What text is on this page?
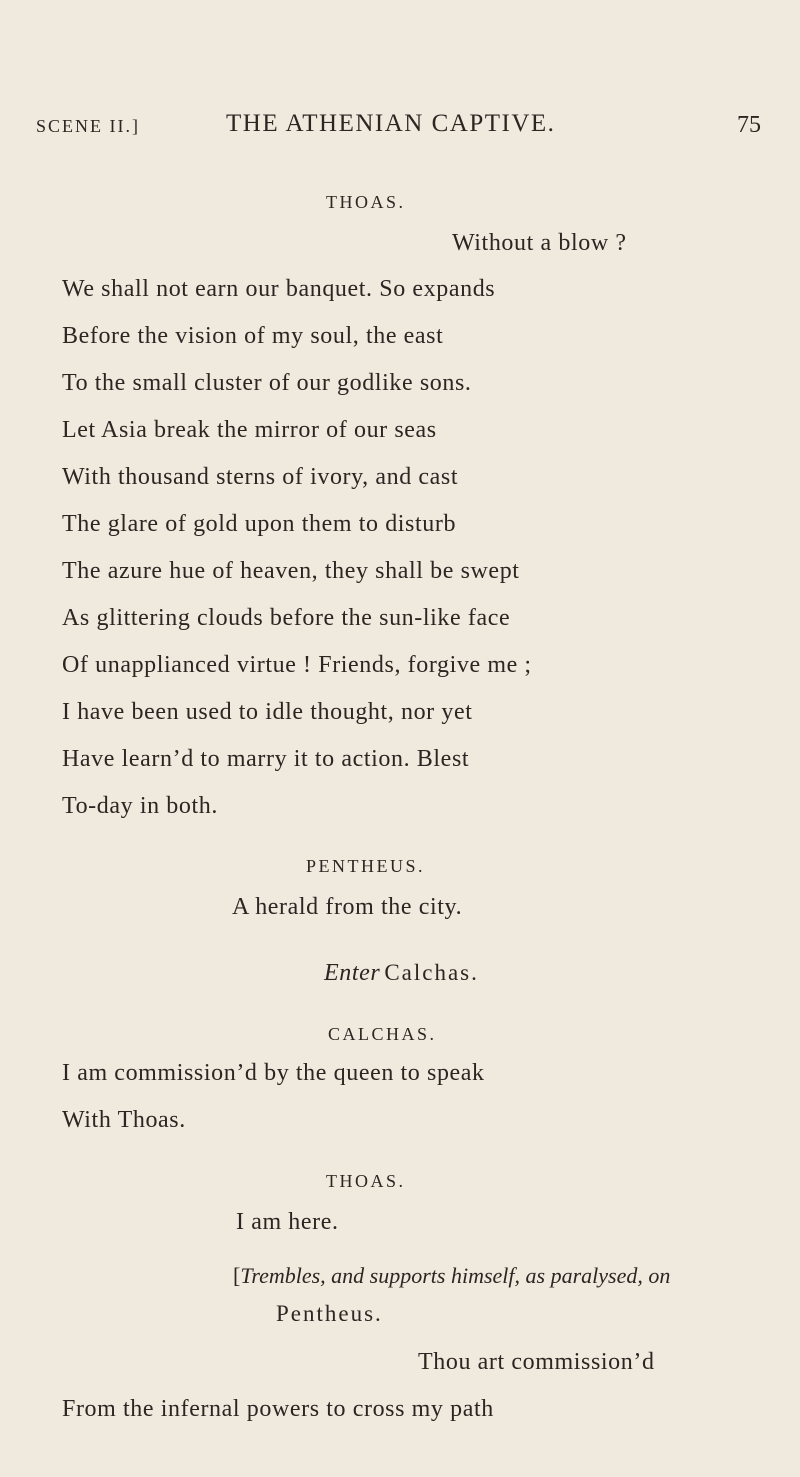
SCENE II.]	THE ATHENIAN CAPTIVE.	75
THOAS.
Without a blow ?
We shall not earn our banquet. So expands
Before the vision of my soul, the east
To the small cluster of our godlike sons.
Let Asia break the mirror of our seas
With thousand sterns of ivory, and cast
The glare of gold upon them to disturb
The azure hue of heaven, they shall be swept
As glittering clouds before the sun-like face
Of unapplianced virtue ! Friends, forgive me ;
I have been used to idle thought, nor yet
Have learn’d to marry it to action. Blest
To-day in both.
PENTHEUS.
A herald from the city.
Enter Calchas.
CALCHAS.
I am commission’d by the queen to speak
With Thoas.
THOAS.
I am here.
[Trembles, and supports himself, as paralysed, on
Pentheus.
Thou art commission’d
From the infernal powers to cross my path
